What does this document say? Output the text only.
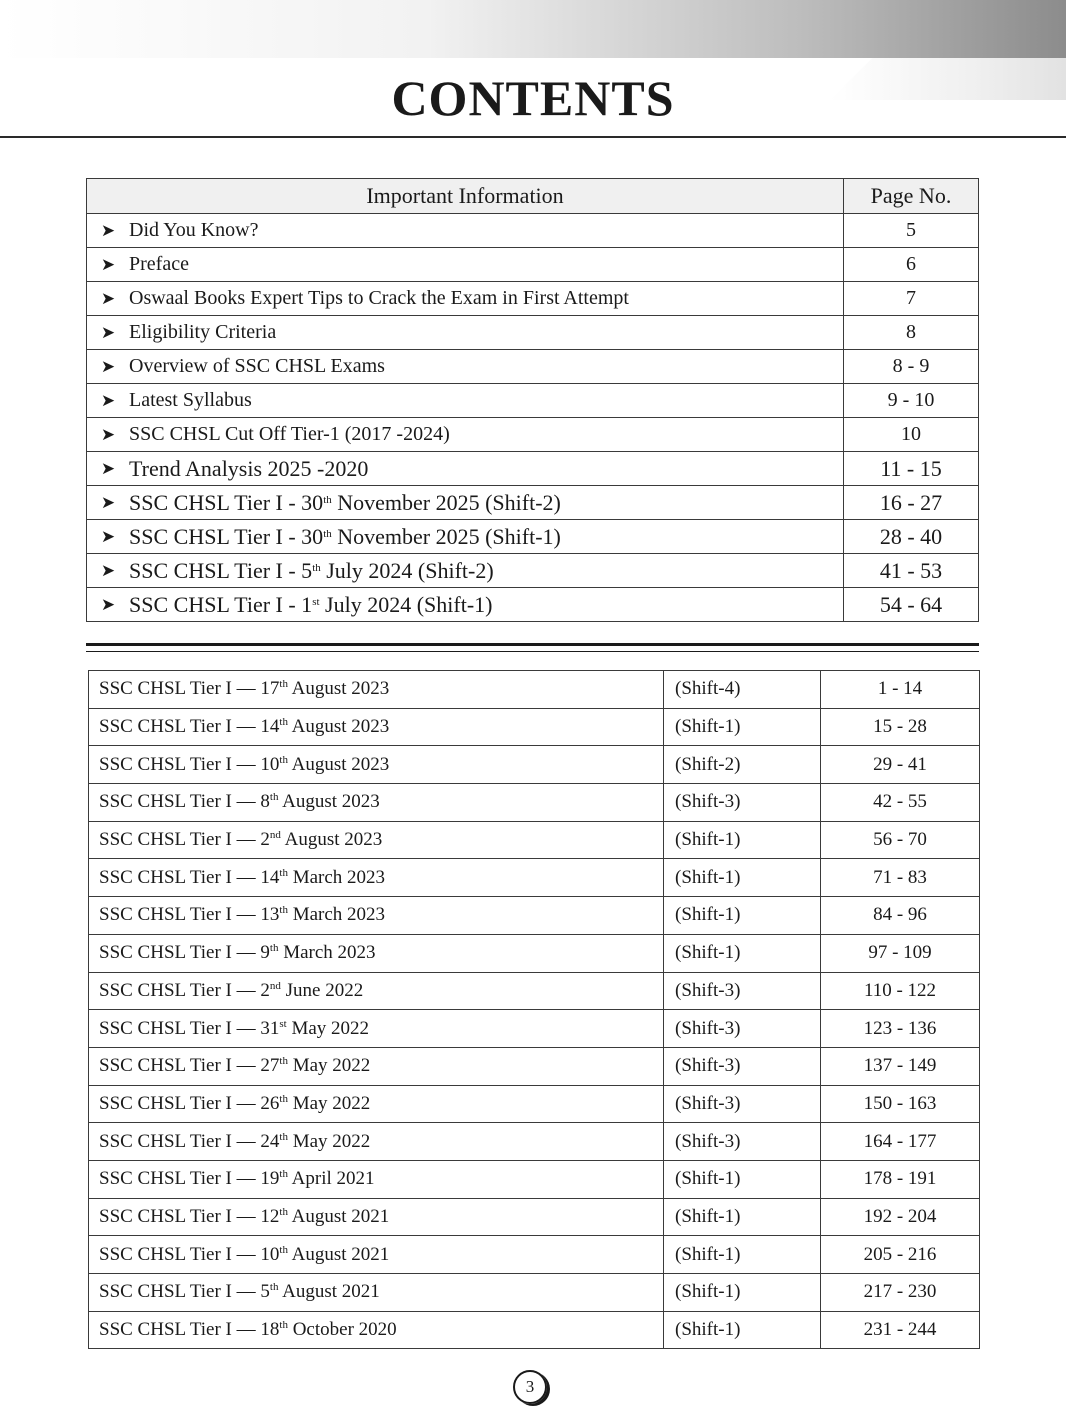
CONTENTS
Important Information	Page No.

➤ Did You Know?	5

➤ Preface	6

➤ Oswaal Books Expert Tips to Crack the Exam in First Attempt	7

➤ Eligibility Criteria	8

➤ Overview of SSC CHSL Exams	8 - 9

➤ Latest Syllabus	9 - 10

➤ SSC CHSL Cut Off Tier-1 (2017 -2024)	10

➤ Trend Analysis 2025 -2020	11 - 15

➤ SSC CHSL Tier I - 30th November 2025 (Shift-2)	16 - 27

➤ SSC CHSL Tier I - 30th November 2025 (Shift-1)	28 - 40

➤ SSC CHSL Tier I - 5th July 2024 (Shift-2)	41 - 53

➤ SSC CHSL Tier I - 1st July 2024 (Shift-1)	54 - 64
SSC CHSL Tier I — 17th August 2023	(Shift-4)	1 - 14
SSC CHSL Tier I — 14th August 2023	(Shift-1)	15 - 28
SSC CHSL Tier I — 10th August 2023	(Shift-2)	29 - 41
SSC CHSL Tier I — 8th August 2023	(Shift-3)	42 - 55
SSC CHSL Tier I — 2nd August 2023	(Shift-1)	56 - 70
SSC CHSL Tier I — 14th March 2023	(Shift-1)	71 - 83
SSC CHSL Tier I — 13th March 2023	(Shift-1)	84 - 96
SSC CHSL Tier I — 9th March 2023	(Shift-1)	97 - 109
SSC CHSL Tier I — 2nd June 2022	(Shift-3)	110 - 122
SSC CHSL Tier I — 31st May 2022	(Shift-3)	123 - 136
SSC CHSL Tier I — 27th May 2022	(Shift-3)	137 - 149
SSC CHSL Tier I — 26th May 2022	(Shift-3)	150 - 163
SSC CHSL Tier I — 24th May 2022	(Shift-3)	164 - 177
SSC CHSL Tier I — 19th April 2021	(Shift-1)	178 - 191
SSC CHSL Tier I — 12th August 2021	(Shift-1)	192 - 204
SSC CHSL Tier I — 10th August 2021	(Shift-1)	205 - 216
SSC CHSL Tier I — 5th August 2021	(Shift-1)	217 - 230
SSC CHSL Tier I — 18th October 2020	(Shift-1)	231 - 244
3
